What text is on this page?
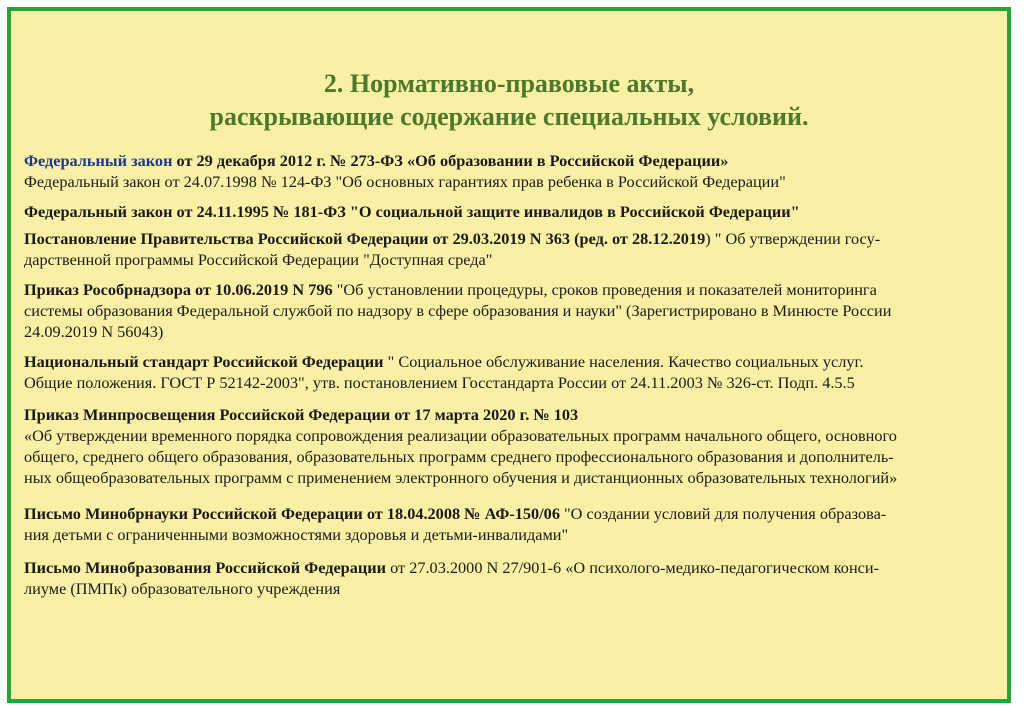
2. Нормативно-правовые акты,
раскрывающие содержание специальных условий.
Федеральный закон от 29 декабря 2012 г. № 273-ФЗ «Об образовании в Российской Федерации»
Федеральный закон от 24.07.1998 № 124-ФЗ "Об основных гарантиях прав ребенка в Российской Федерации"
Федеральный закон от 24.11.1995 № 181-ФЗ "О социальной защите инвалидов в Российской Федерации"
Постановление Правительства Российской Федерации от 29.03.2019 N 363 (ред. от 28.12.2019) " Об утверждении госу-
дарственной программы Российской Федерации "Доступная среда"
Приказ Рособрнадзора от 10.06.2019 N 796 "Об установлении процедуры, сроков проведения и показателей мониторинга
системы образования Федеральной службой по надзору в сфере образования и науки" (Зарегистрировано в Минюсте России
24.09.2019 N 56043)
Национальный стандарт Российской Федерации " Социальное обслуживание населения. Качество социальных услуг.
Общие положения. ГОСТ Р 52142-2003", утв. постановлением Госстандарта России от 24.11.2003 № 326-ст. Подп. 4.5.5
Приказ Минпросвещения Российской Федерации от 17 марта 2020 г. № 103
«Об утверждении временного порядка сопровождения реализации образовательных программ начального общего, основного
общего, среднего общего образования, образовательных программ среднего профессионального образования и дополнитель-
ных общеобразовательных программ с применением электронного обучения и дистанционных образовательных технологий»
Письмо Минобрнауки Российской Федерации от 18.04.2008 № АФ-150/06 "О создании условий для получения образова-
ния детьми с ограниченными возможностями здоровья и детьми-инвалидами"
Письмо Минобразования Российской Федерации от 27.03.2000 N 27/901-6 «О психолого-медико-педагогическом конси-
лиуме (ПМПк) образовательного учреждения
